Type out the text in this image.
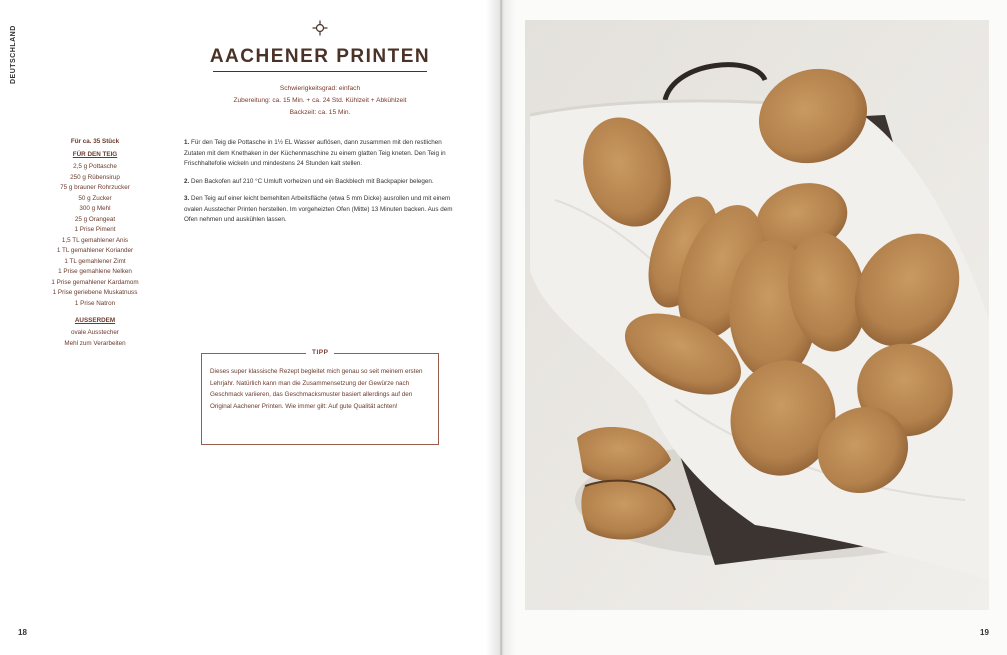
DEUTSCHLAND	AACHENER PRINTEN
Schwierigkeitsgrad: einfach
Zubereitung: ca. 15 Min. + ca. 24 Std. Kühlzeit + Abkühlzeit
Backzeit: ca. 15 Min.
Für ca. 35 Stück
FÜR DEN TEIG
2,5 g Pottasche
250 g Rübensirup
75 g brauner Rohrzucker
50 g Zucker
300 g Mehl
25 g Orangeat
1 Prise Piment
1,5 TL gemahlener Anis
1 TL gemahlener Koriander
1 TL gemahlener Zimt
1 Prise gemahlene Nelken
1 Prise gemahlener Kardamom
1 Prise geriebene Muskatnuss
1 Prise Natron
AUSSERDEM
ovale Ausstecher
Mehl zum Verarbeiten
1. Für den Teig die Pottasche in 1½ EL Wasser auflösen, dann zusammen mit den restlichen Zutaten mit dem Knethaken in der Küchenmaschine zu einem glatten Teig kneten. Den Teig in Frischhaltefolie wickeln und mindestens 24 Stunden kalt stellen.
2. Den Backofen auf 210 °C Umluft vorheizen und ein Backblech mit Backpapier belegen.
3. Den Teig auf einer leicht bemehlten Arbeitsfläche (etwa 5 mm Dicke) ausrollen und mit einem ovalen Ausstecher Printen herstellen. Im vorgeheizten Ofen (Mitte) 13 Minuten backen. Aus dem Ofen nehmen und auskühlen lassen.
TIPP
Dieses super klassische Rezept begleitet mich genau so seit meinem ersten Lehrjahr. Natürlich kann man die Zusammensetzung der Gewürze nach Geschmack variieren, das Geschmacksmuster basiert allerdings auf den Original Aachener Printen. Wie immer gilt: Auf gute Qualität achten!
18	19
